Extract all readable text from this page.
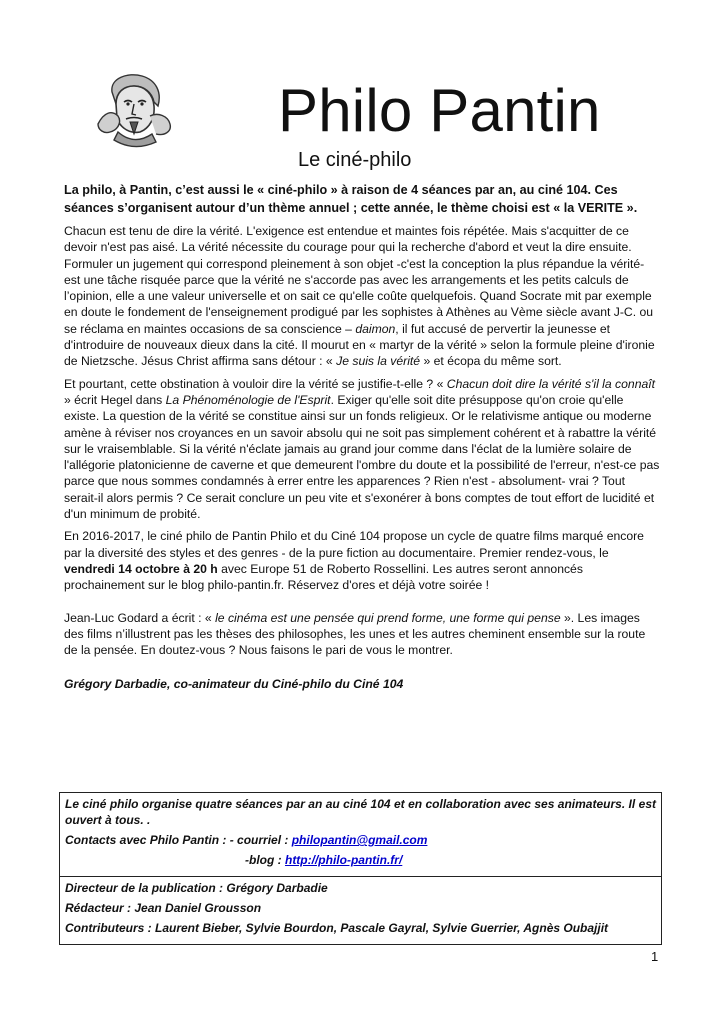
Philo Pantin
Le ciné-philo

La philo, à Pantin, c’est aussi le « ciné-philo » à raison de 4 séances par an, au ciné 104. Ces séances s’organisent autour d’un thème annuel ; cette année, le thème choisi est « la VERITE ».

Chacun est tenu de dire la vérité. L'exigence est entendue et maintes fois répétée. Mais s'acquitter de ce devoir n'est pas aisé. La vérité nécessite du courage pour qui la recherche d'abord et veut la dire ensuite. Formuler un jugement qui correspond pleinement à son objet -c'est la conception la plus répandue la vérité- est une tâche risquée parce que la vérité ne s'accorde pas avec les arrangements et les petits calculs de l’opinion, elle a une valeur universelle et on sait ce qu'elle coûte quelquefois. Quand Socrate mit par exemple en doute le fondement de l'enseignement prodigué par les sophistes à Athènes au Vème siècle avant J-C. ou se réclama en maintes occasions de sa conscience – daimon, il fut accusé de pervertir la jeunesse et d'introduire de nouveaux dieux dans la cité. Il mourut en « martyr de la vérité » selon la formule pleine d'ironie de Nietzsche. Jésus Christ affirma sans détour : « Je suis la vérité » et écopa du même sort.

Et pourtant, cette obstination à vouloir dire la vérité se justifie-t-elle ? « Chacun doit dire la vérité s'il la connaît » écrit Hegel dans La Phénoménologie de l'Esprit. Exiger qu'elle soit dite présuppose qu'on croie qu'elle existe. La question de la vérité se constitue ainsi sur un fonds religieux. Or le relativisme antique ou moderne amène à réviser nos croyances en un savoir absolu qui ne soit pas simplement cohérent et à rabattre la vérité sur le vraisemblable. Si la vérité n'éclate jamais au grand jour comme dans l'éclat de la lumière solaire de l'allégorie platonicienne de caverne et que demeurent l'ombre du doute et la possibilité de l'erreur, n'est-ce pas parce que nous sommes condamnés à errer entre les apparences ? Rien n'est - absolument- vrai ? Tout serait-il alors permis ? Ce serait conclure un peu vite et s'exonérer à bons comptes de tout effort de lucidité et d'un minimum de probité.

En 2016-2017, le ciné philo de Pantin Philo et du Ciné 104 propose un cycle de quatre films marqué encore par la diversité des styles et des genres - de la pure fiction au documentaire. Premier rendez-vous, le vendredi 14 octobre à 20 h avec Europe 51 de Roberto Rossellini. Les autres seront annoncés prochainement sur le blog philo-pantin.fr. Réservez d'ores et déjà votre soirée !

Jean-Luc Godard a écrit : « le cinéma est une pensée qui prend forme, une forme qui pense ». Les images des films n’illustrent pas les thèses des philosophes, les unes et les autres cheminent ensemble sur la route de la pensée. En doutez-vous ? Nous faisons le pari de vous le montrer.

Grégory Darbadie, co-animateur du Ciné-philo du Ciné 104

Le ciné philo organise quatre séances par an au ciné 104 et en collaboration avec ses animateurs. Il est ouvert à tous. .
Contacts avec Philo Pantin : - courriel : philopantin@gmail.com
-blog : http://philo-pantin.fr/
Directeur de la publication : Grégory Darbadie
Rédacteur : Jean Daniel Grousson
Contributeurs : Laurent Bieber, Sylvie Bourdon, Pascale Gayral, Sylvie Guerrier, Agnès Oubajjit
1
